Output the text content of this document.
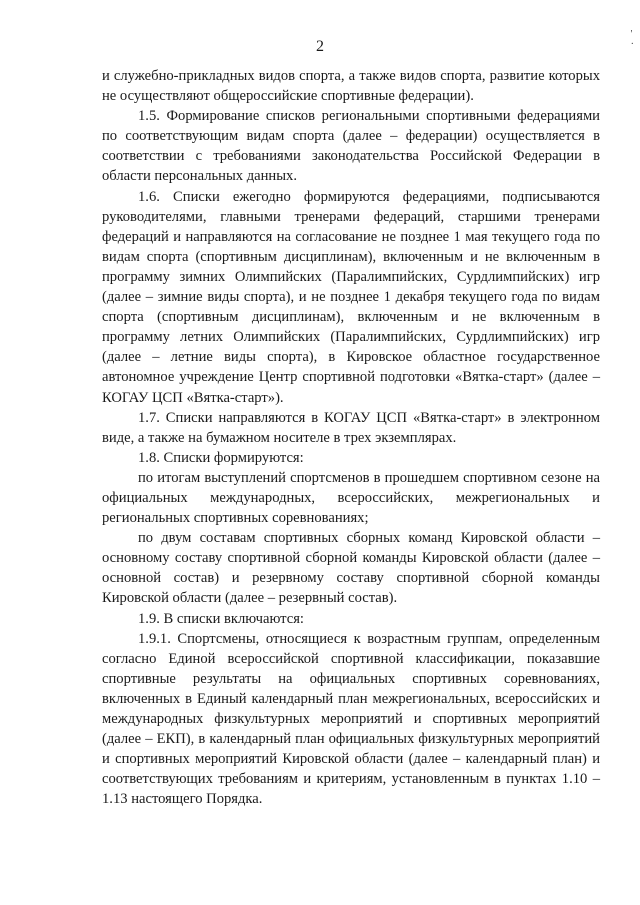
2
'
·

и служебно-прикладных видов спорта, а также видов спорта, развитие которых не осуществляют общероссийские спортивные федерации).

1.5. Формирование списков региональными спортивными федерациями по соответствующим видам спорта (далее – федерации) осуществляется в соответствии с требованиями законодательства Российской Федерации в области персональных данных.

1.6. Списки ежегодно формируются федерациями, подписываются руководителями, главными тренерами федераций, старшими тренерами федераций и направляются на согласование не позднее 1 мая текущего года по видам спорта (спортивным дисциплинам), включенным и не включенным в программу зимних Олимпийских (Паралимпийских, Сурдлимпийских) игр (далее – зимние виды спорта), и не позднее 1 декабря текущего года по видам спорта (спортивным дисциплинам), включенным и не включенным в программу летних Олимпийских (Паралимпийских, Сурдлимпийских) игр (далее – летние виды спорта), в Кировское областное государственное автономное учреждение Центр спортивной подготовки «Вятка-старт» (далее – КОГАУ ЦСП «Вятка-старт»).

1.7. Списки направляются в КОГАУ ЦСП «Вятка-старт» в электронном виде, а также на бумажном носителе в трех экземплярах.

1.8. Списки формируются:

по итогам выступлений спортсменов в прошедшем спортивном сезоне на официальных международных, всероссийских, межрегиональных и региональных спортивных соревнованиях;

по двум составам спортивных сборных команд Кировской области – основному составу спортивной сборной команды Кировской области (далее – основной состав) и резервному составу спортивной сборной команды Кировской области (далее – резервный состав).

1.9. В списки включаются:

1.9.1. Спортсмены, относящиеся к возрастным группам, определенным согласно Единой всероссийской спортивной классификации, показавшие спортивные результаты на официальных спортивных соревнованиях, включенных в Единый календарный план межрегиональных, всероссийских и международных физкультурных мероприятий и спортивных мероприятий (далее – ЕКП), в календарный план официальных физкультурных мероприятий и спортивных мероприятий Кировской области (далее – календарный план) и соответствующих требованиям и критериям, установленным в пунктах 1.10 – 1.13 настоящего Порядка.
